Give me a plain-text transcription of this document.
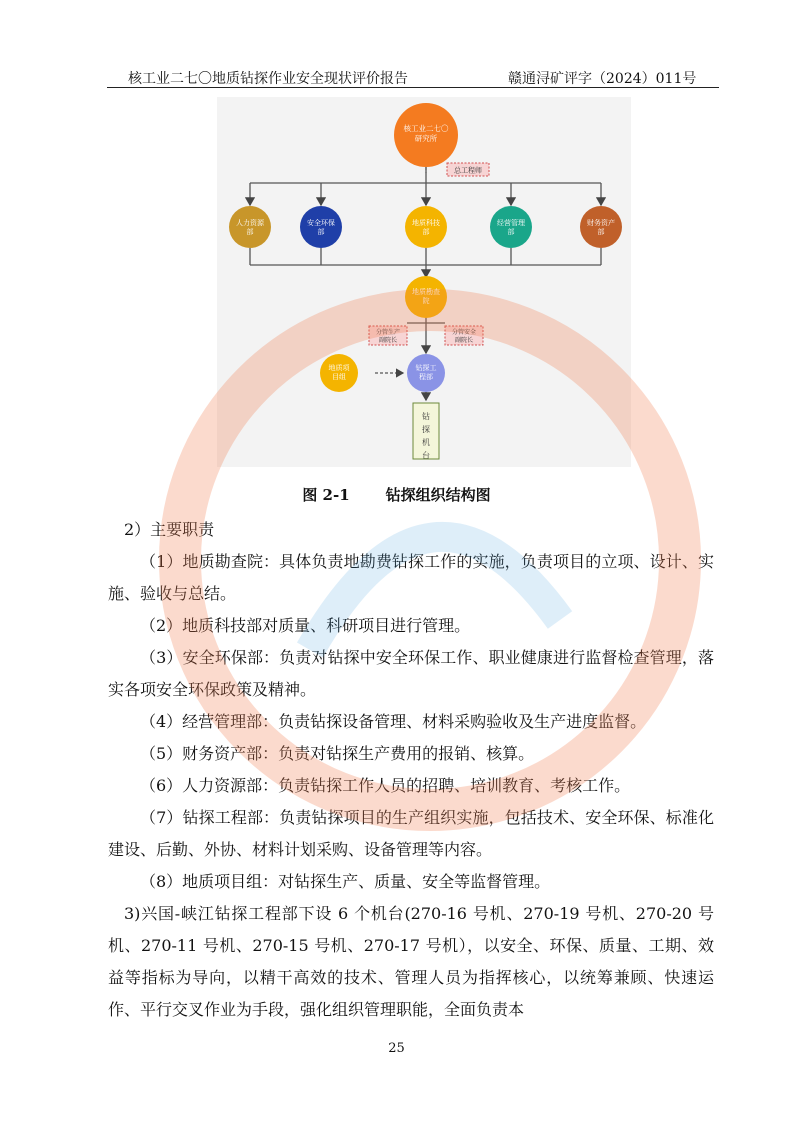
核工业二七〇地质钻探作业安全现状评价报告	赣通浔矿评字（2024）011号
核工业二七〇
研究所
总工程师
人力资源
部
安全环保
部
地质科技
部
经营管理
部
财务资产
部
地质勘查
院
分管生产
副院长
分管安全
副院长
地质项
目组
钻探工
程部
钻
探
机
台
图 2-1 钻探组织结构图

2）主要职责

（1）地质勘查院：具体负责地勘费钻探工作的实施，负责项目的立项、设计、实施、验收与总结。

（2）地质科技部对质量、科研项目进行管理。

（3）安全环保部：负责对钻探中安全环保工作、职业健康进行监督检查管理，落实各项安全环保政策及精神。

（4）经营管理部：负责钻探设备管理、材料采购验收及生产进度监督。

（5）财务资产部：负责对钻探生产费用的报销、核算。

（6）人力资源部：负责钻探工作人员的招聘、培训教育、考核工作。

（7）钻探工程部：负责钻探项目的生产组织实施，包括技术、安全环保、标准化建设、后勤、外协、材料计划采购、设备管理等内容。

（8）地质项目组：对钻探生产、质量、安全等监督管理。

3)兴国-峡江钻探工程部下设 6 个机台(270-16 号机、270-19 号机、270-20 号机、270-11 号机、270-15 号机、270-17 号机），以安全、环保、质量、工期、效益等指标为导向，以精干高效的技术、管理人员为指挥核心，以统筹兼顾、快速运作、平行交叉作业为手段，强化组织管理职能，全面负责本

25
